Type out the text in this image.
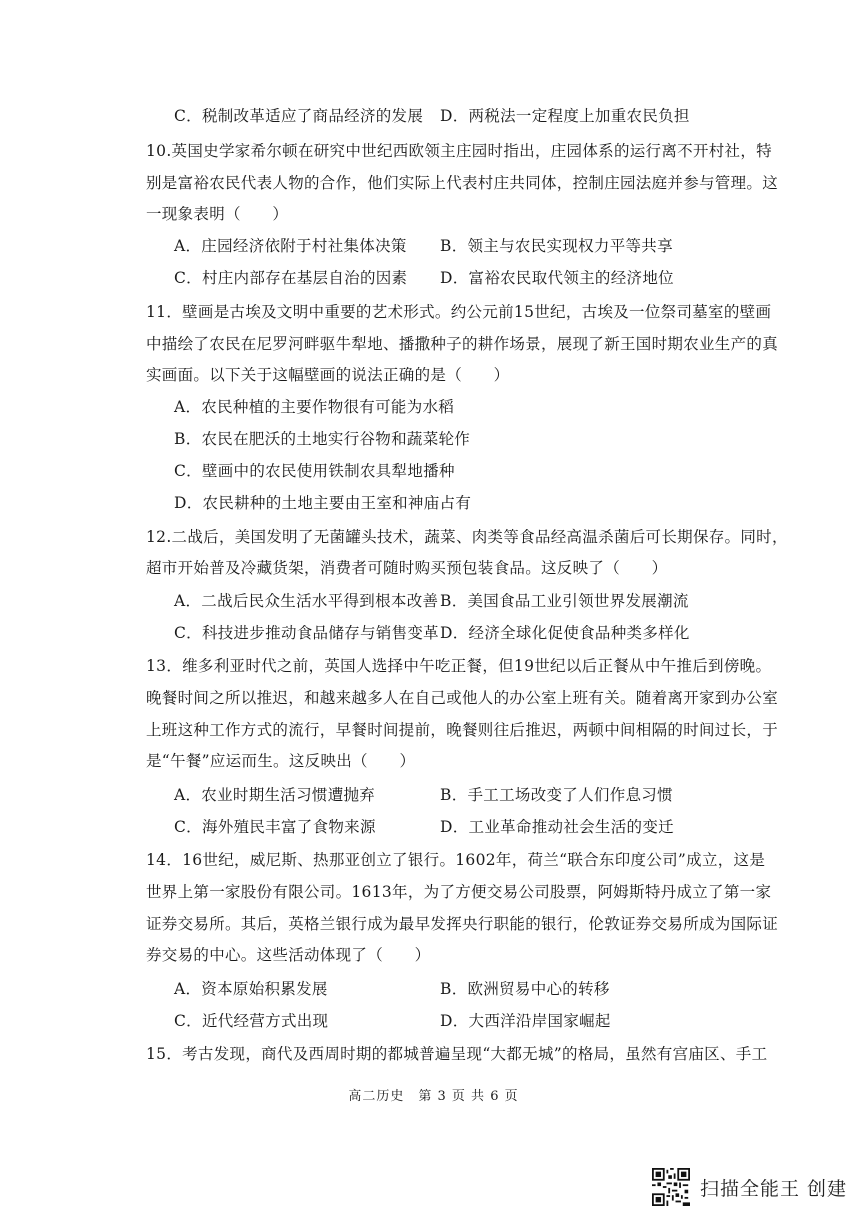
C．税制改革适应了商品经济的发展 D．两税法一定程度上加重农民负担
10.英国史学家希尔顿在研究中世纪西欧领主庄园时指出，庄园体系的运行离不开村社，特
别是富裕农民代表人物的合作，他们实际上代表村庄共同体，控制庄园法庭并参与管理。这
一现象表明（　　）
A．庄园经济依附于村社集体决策 B．领主与农民实现权力平等共享
C．村庄内部存在基层自治的因素 D．富裕农民取代领主的经济地位
11．壁画是古埃及文明中重要的艺术形式。约公元前15世纪，古埃及一位祭司墓室的壁画
中描绘了农民在尼罗河畔驱牛犁地、播撒种子的耕作场景，展现了新王国时期农业生产的真
实画面。以下关于这幅壁画的说法正确的是（　　）
A．农民种植的主要作物很有可能为水稻
B．农民在肥沃的土地实行谷物和蔬菜轮作
C．壁画中的农民使用铁制农具犁地播种
D．农民耕种的土地主要由王室和神庙占有
12.二战后，美国发明了无菌罐头技术，蔬菜、肉类等食品经高温杀菌后可长期保存。同时，
超市开始普及冷藏货架，消费者可随时购买预包装食品。这反映了（　　）
A．二战后民众生活水平得到根本改善 B．美国食品工业引领世界发展潮流
C．科技进步推动食品储存与销售变革 D．经济全球化促使食品种类多样化
13．维多利亚时代之前，英国人选择中午吃正餐，但19世纪以后正餐从中午推后到傍晚。
晚餐时间之所以推迟，和越来越多人在自己或他人的办公室上班有关。随着离开家到办公室
上班这种工作方式的流行，早餐时间提前，晚餐则往后推迟，两顿中间相隔的时间过长，于
是“午餐”应运而生。这反映出（　　）
A．农业时期生活习惯遭抛弃	B．手工工场改变了人们作息习惯
C．海外殖民丰富了食物来源	D．工业革命推动社会生活的变迁
14．16世纪，威尼斯、热那亚创立了银行。1602年，荷兰“联合东印度公司”成立，这是
世界上第一家股份有限公司。1613年，为了方便交易公司股票，阿姆斯特丹成立了第一家
证券交易所。其后，英格兰银行成为最早发挥央行职能的银行，伦敦证券交易所成为国际证
券交易的中心。这些活动体现了（　　）
A．资本原始积累发展	B．欧洲贸易中心的转移
C．近代经营方式出现	D．大西洋沿岸国家崛起
15．考古发现，商代及西周时期的都城普遍呈现“大都无城”的格局，虽然有宫庙区、手工
高二历史　第 3 页 共 6 页
扫描全能王 创建
